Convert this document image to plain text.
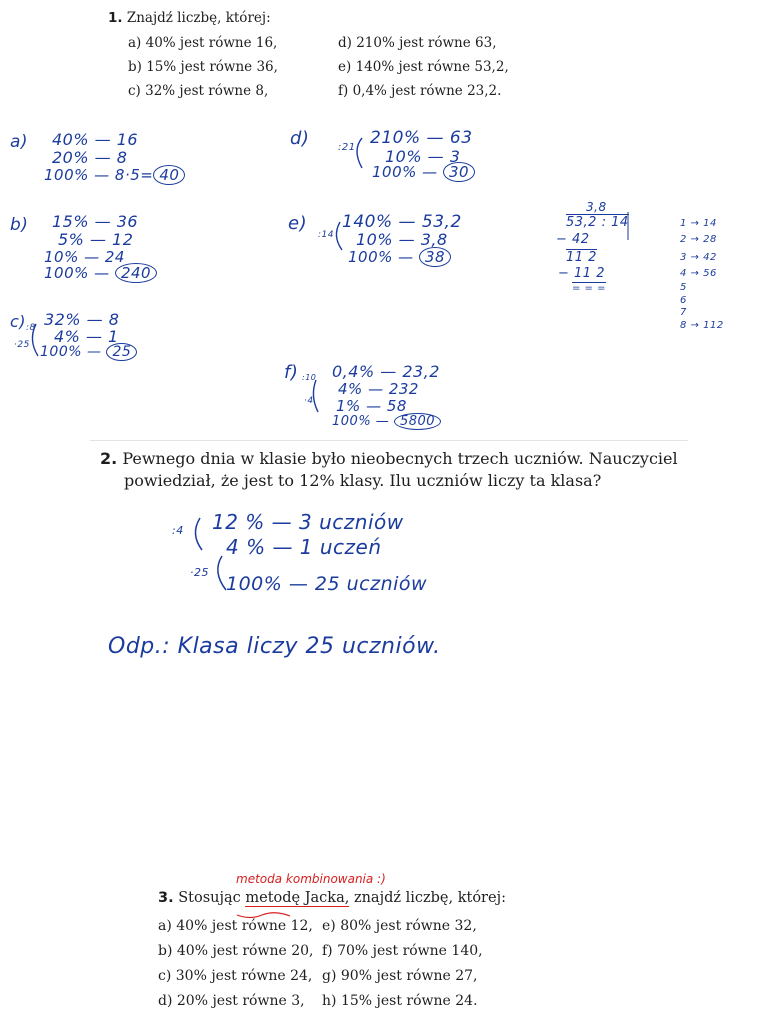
1. Znajdź liczbę, której:
a) 40% jest równe 16,
b) 15% jest równe 36,
c) 32% jest równe 8,
d) 210% jest równe 63,
e) 140% jest równe 53,2,
f) 0,4% jest równe 23,2.
a) 40% — 16
20% — 8
100% — 8·5= 40
b) 15% — 36
5% — 12
10% — 24
100% — 240
c) :8
·25
32% — 8
4% — 1
100% — 25
d)	:21 210% — 63
10% — 3
100% — 30
e)
:14
140% — 53,2
10% — 3,8
100% — 38
3,8
53,2 : 14
− 42
11 2
− 11 2
= = =
1 → 14
2 → 28
3 → 42
4 → 56
5
6
7
8 → 112
f) :10
·4
0,4% — 23,2
4% — 232
1% — 58
100% — 5800
2. Pewnego dnia w klasie było nieobecnych trzech uczniów. Nauczyciel
powiedział, że jest to 12% klasy. Ilu uczniów liczy ta klasa?
:4
·25
12 % — 3 uczniów
4 % — 1 uczeń
100% — 25 uczniów
Odp.: Klasa liczy 25 uczniów.
metoda kombinowania :)
3. Stosując metodę Jacka, znajdź liczbę, której:
a) 40% jest równe 12,
b) 40% jest równe 20,
c) 30% jest równe 24,
d) 20% jest równe 3,
e) 80% jest równe 32,
f) 70% jest równe 140,
g) 90% jest równe 27,
h) 15% jest równe 24.
